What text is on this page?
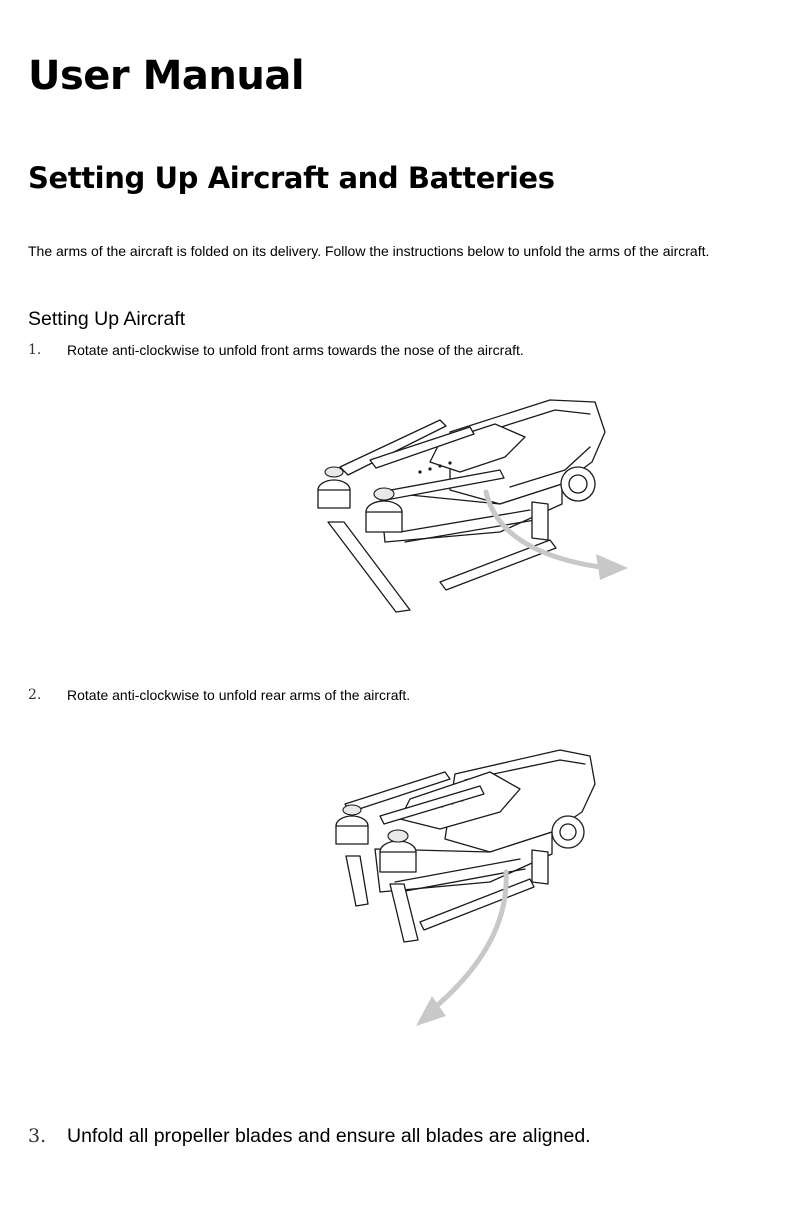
User Manual
Setting Up Aircraft and Batteries

The arms of the aircraft is folded on its delivery. Follow the instructions below to unfold the arms of the aircraft.

Setting Up Aircraft
1. Rotate anti-clockwise to unfold front arms towards the nose of the aircraft.
2. Rotate anti-clockwise to unfold rear arms of the aircraft.
3. Unfold all propeller blades and ensure all blades are aligned.
